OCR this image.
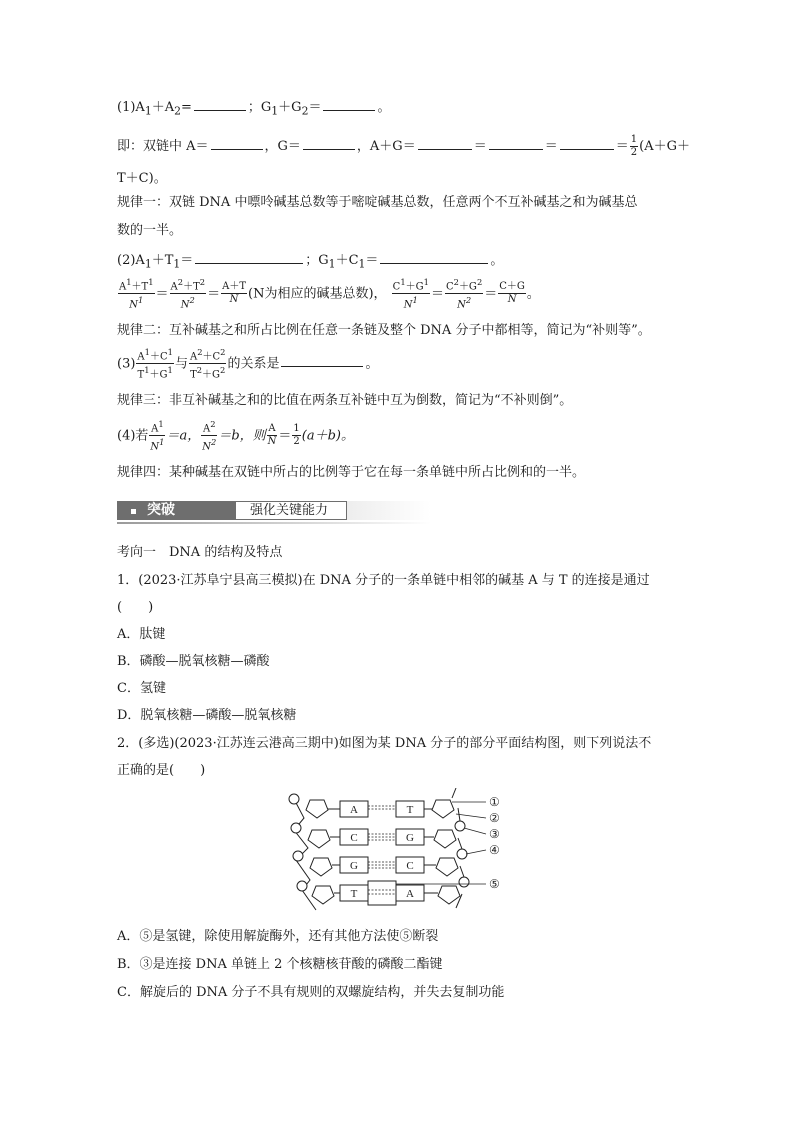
$(1)A_1+A_2=$	；$G_1+G_2=$	。
即：双链中 A＝	，G＝	，A＋G＝	＝	＝	＝ $\frac{1}{2} (A+G+$
T＋C)。
规律一：双链 DNA 中嘌呤碱基总数等于嘧啶碱基总数，任意两个不互补碱基之和为碱基总
数的一半。
$(2)A_1+T_1=$	；$G_1+C_1=$	。
$\frac{A^1+T^1}{N^1} = \frac{A^2+T^2}{N^2} = \frac{A+T}{N} (N$为相应的碱基总数)， $\frac{C^1+G^1}{N^1} = \frac{C^2+G^2}{N^2} = \frac{C+G}{N}$ 。
规律二：互补碱基之和所占比例在任意一条链及整个 DNA 分子中都相等，简记为“补则等”。
$(3) \frac{A^1+C^1}{T^1+G^1}$ 与 $\frac{A^2+C^2}{T^2+G^2}$ 的关系是	。
规律三：非互补碱基之和的比值在两条互补链中互为倒数，简记为“不补则倒”。
(4)若 $\frac{A^1}{N^1} =a$， $\frac{A^2}{N^2} =b$，则 $\frac{A}{N} = \frac{1}{2} (a+b)$。
规律四：某种碱基在双链中所占的比例等于它在每一条单链中所占比例和的一半。
突破	强化关键能力
考向一　DNA 的结构及特点
1．(2023·江苏阜宁县高三模拟)在 DNA 分子的一条单链中相邻的碱基 A 与 T 的连接是通过
(　　)
A．肽键
B．磷酸—脱氧核糖—磷酸
C．氢键
D．脱氧核糖—磷酸—脱氧核糖
2．(多选)(2023·江苏连云港高三期中)如图为某 DNA 分子的部分平面结构图，则下列说法不
正确的是(　　)
A	T
C	G
G	C
T	A
①
②
③
④
⑤
A．⑤是氢键，除使用解旋酶外，还有其他方法使⑤断裂
B．③是连接 DNA 单链上 2 个核糖核苷酸的磷酸二酯键
C．解旋后的 DNA 分子不具有规则的双螺旋结构，并失去复制功能
